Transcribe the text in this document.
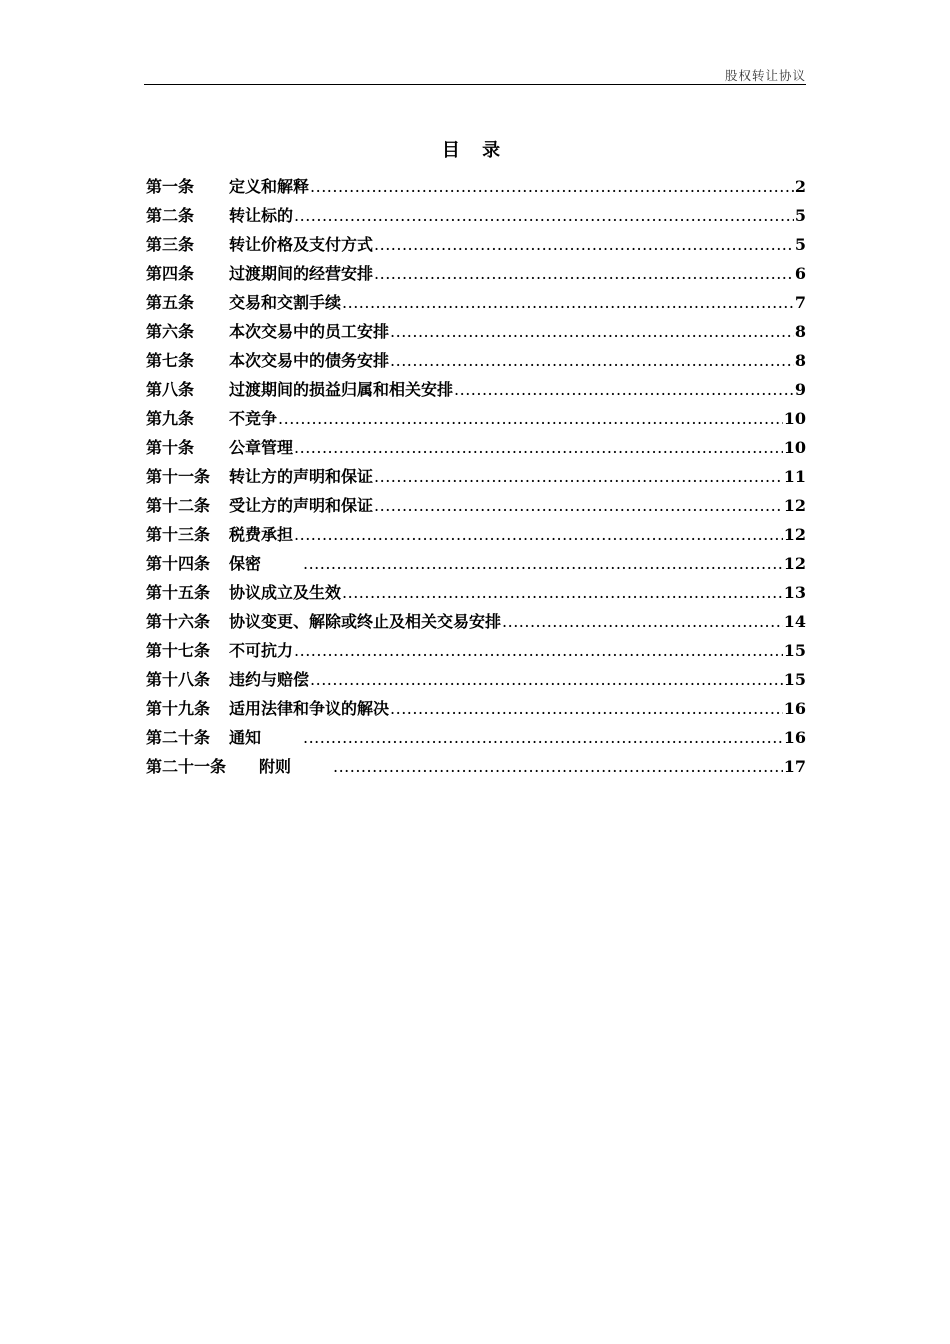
股权转让协议
目 录
第一条	定义和解释 .....	2
第二条	转让标的 .....	5
第三条	转让价格及支付方式 .....	5
第四条	过渡期间的经营安排 .....	6
第五条	交易和交割手续 .....	7
第六条	本次交易中的员工安排 .....	8
第七条	本次交易中的债务安排 .....	8
第八条	过渡期间的损益归属和相关安排 .....	9
第九条	不竞争 .....	10
第十条	公章管理 .....	10
第十一条	转让方的声明和保证 .....	11
第十二条	受让方的声明和保证 .....	12
第十三条	税费承担 .....	12
第十四条	保密 .....	12
第十五条	协议成立及生效 .....	13
第十六条	协议变更、解除或终止及相关交易安排 .....	14
第十七条	不可抗力 .....	15
第十八条	违约与赔偿 .....	15
第十九条	适用法律和争议的解决 .....	16
第二十条	通知 .....	16
第二十一条	附则 .....	17
